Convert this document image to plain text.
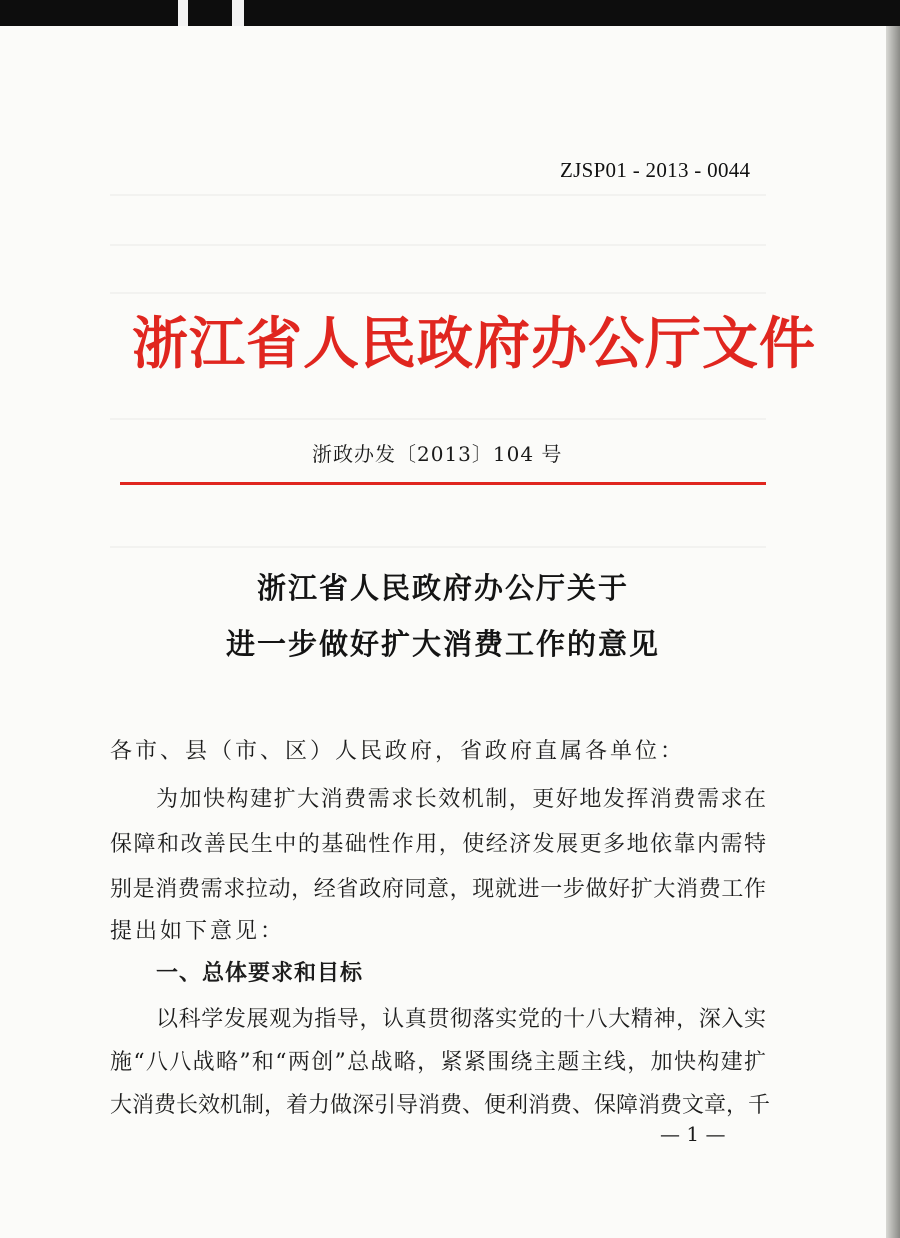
ZJSP01 - 2013 - 0044
浙江省人民政府办公厅文件
浙政办发〔2013〕104 号
浙江省人民政府办公厅关于
进一步做好扩大消费工作的意见
各市、县（市、区）人民政府，省政府直属各单位：
为加快构建扩大消费需求长效机制，更好地发挥消费需求在
保障和改善民生中的基础性作用，使经济发展更多地依靠内需特
别是消费需求拉动，经省政府同意，现就进一步做好扩大消费工作
提出如下意见：
一、总体要求和目标
以科学发展观为指导，认真贯彻落实党的十八大精神，深入实
施“八八战略”和“两创”总战略，紧紧围绕主题主线，加快构建扩
大消费长效机制，着力做深引导消费、便利消费、保障消费文章，千
— 1 —
